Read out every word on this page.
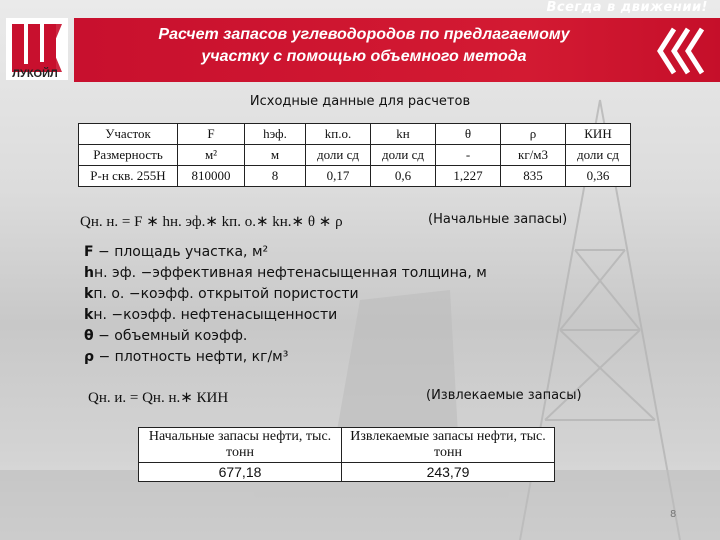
Всегда в движении!
ЛУКОЙЛ
Расчет запасов углеводородов по предлагаемому
участку с помощью объемного метода
Исходные данные для расчетов
Участок	F	hэф.	kп.о.	kн	θ	ρ	КИН
Размерность	м²	м	доли сд	доли сд	-	кг/м3	доли сд
Р-н скв. 255Н	810000	8	0,17	0,6	1,227	835	0,36
Qн. н. = F ∗ hн. эф.∗ kп. о.∗ kн.∗ θ ∗ ρ	(Начальные запасы)
F − площадь участка, м²
hн. эф. −эффективная нефтенасыщенная толщина, м
kп. о. −коэфф. открытой пористости
kн. −коэфф. нефтенасыщенности
θ − объемный коэфф.
ρ − плотность нефти, кг/м³
Qн. и. = Qн. н.∗ КИН	(Извлекаемые запасы)
Начальные запасы нефти, тыс. тонн	Извлекаемые запасы нефти, тыс. тонн
677,18	243,79
8
